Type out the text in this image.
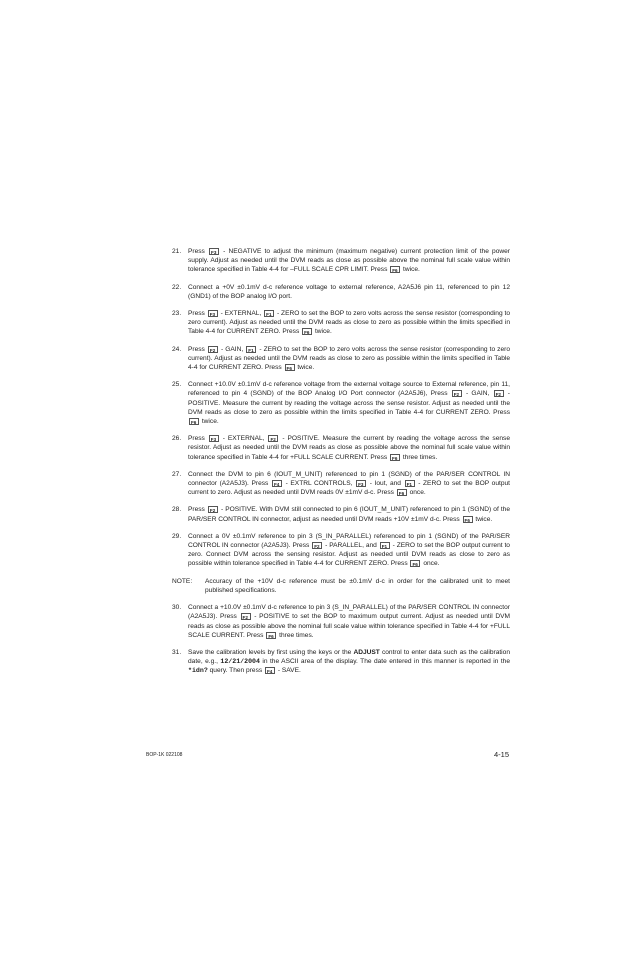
21. Press F3 - NEGATIVE to adjust the minimum (maximum negative) current protection limit of the power supply. Adjust as needed until the DVM reads as close as possible above the nominal full scale value within tolerance specified in Table 4-4 for –FULL SCALE CPR LIMIT. Press F6 twice.
22. Connect a +0V ±0.1mV d-c reference voltage to external reference, A2A5J6 pin 11, referenced to pin 12 (GND1) of the BOP analog I/O port.
23. Press F3 - EXTERNAL, F1 - ZERO to set the BOP to zero volts across the sense resistor (corresponding to zero current). Adjust as needed until the DVM reads as close to zero as possible within the limits specified in Table 4-4 for CURRENT ZERO. Press F6 twice.
24. Press F2 - GAIN, F1 - ZERO to set the BOP to zero volts across the sense resistor (corresponding to zero current). Adjust as needed until the DVM reads as close to zero as possible within the limits specified in Table 4-4 for CURRENT ZERO. Press F6 twice.
25. Connect +10.0V ±0.1mV d-c reference voltage from the external voltage source to External reference, pin 11, referenced to pin 4 (SGND) of the BOP Analog I/O Port connector (A2A5J6), Press F2 - GAIN, F2 - POSITIVE. Measure the current by reading the voltage across the sense resistor. Adjust as needed until the DVM reads as close to zero as possible within the limits specified in Table 4-4 for CURRENT ZERO. Press F6 twice.
26. Press F3 - EXTERNAL, F2 - POSITIVE. Measure the current by reading the voltage across the sense resistor. Adjust as needed until the DVM reads as close as possible above the nominal full scale value within tolerance specified in Table 4-4 for +FULL SCALE CURRENT. Press F6 three times.
27. Connect the DVM to pin 6 (IOUT_M_UNIT) referenced to pin 1 (SGND) of the PAR/SER CONTROL IN connector (A2A5J3). Press F4 - EXTRL CONTROLS, F3 - Iout, and F1 - ZERO to set the BOP output current to zero. Adjust as needed until DVM reads 0V ±1mV d-c. Press F6 once.
28. Press F2 - POSITIVE. With DVM still connected to pin 6 (IOUT_M_UNIT) referenced to pin 1 (SGND) of the PAR/SER CONTROL IN connector, adjust as needed until DVM reads +10V ±1mV d-c. Press F6 twice.
29. Connect a 0V ±0.1mV reference to pin 3 (S_IN_PARALLEL) referenced to pin 1 (SGND) of the PAR/SER CONTROL IN connector (A2A5J3). Press F2 - PARALLEL, and F1 - ZERO to set the BOP output current to zero. Connect DVM across the sensing resistor. Adjust as needed until DVM reads as close to zero as possible within tolerance specified in Table 4-4 for CURRENT ZERO. Press F6 once.
NOTE: Accuracy of the +10V d-c reference must be ±0.1mV d-c in order for the calibrated unit to meet published specifications.
30. Connect a +10.0V ±0.1mV d-c reference to pin 3 (S_IN_PARALLEL) of the PAR/SER CONTROL IN connector (A2A5J3). Press F2 - POSITIVE to set the BOP to maximum output current. Adjust as needed until DVM reads as close as possible above the nominal full scale value within tolerance specified in Table 4-4 for +FULL SCALE CURRENT. Press F6 three times.
31. Save the calibration levels by first using the keys or the ADJUST control to enter data such as the calibration date, e.g., 12/21/2004 in the ASCII area of the display. The date entered in this manner is reported in the *idn? query. Then press F4 - SAVE.
BOP-1K 022108	4-15
